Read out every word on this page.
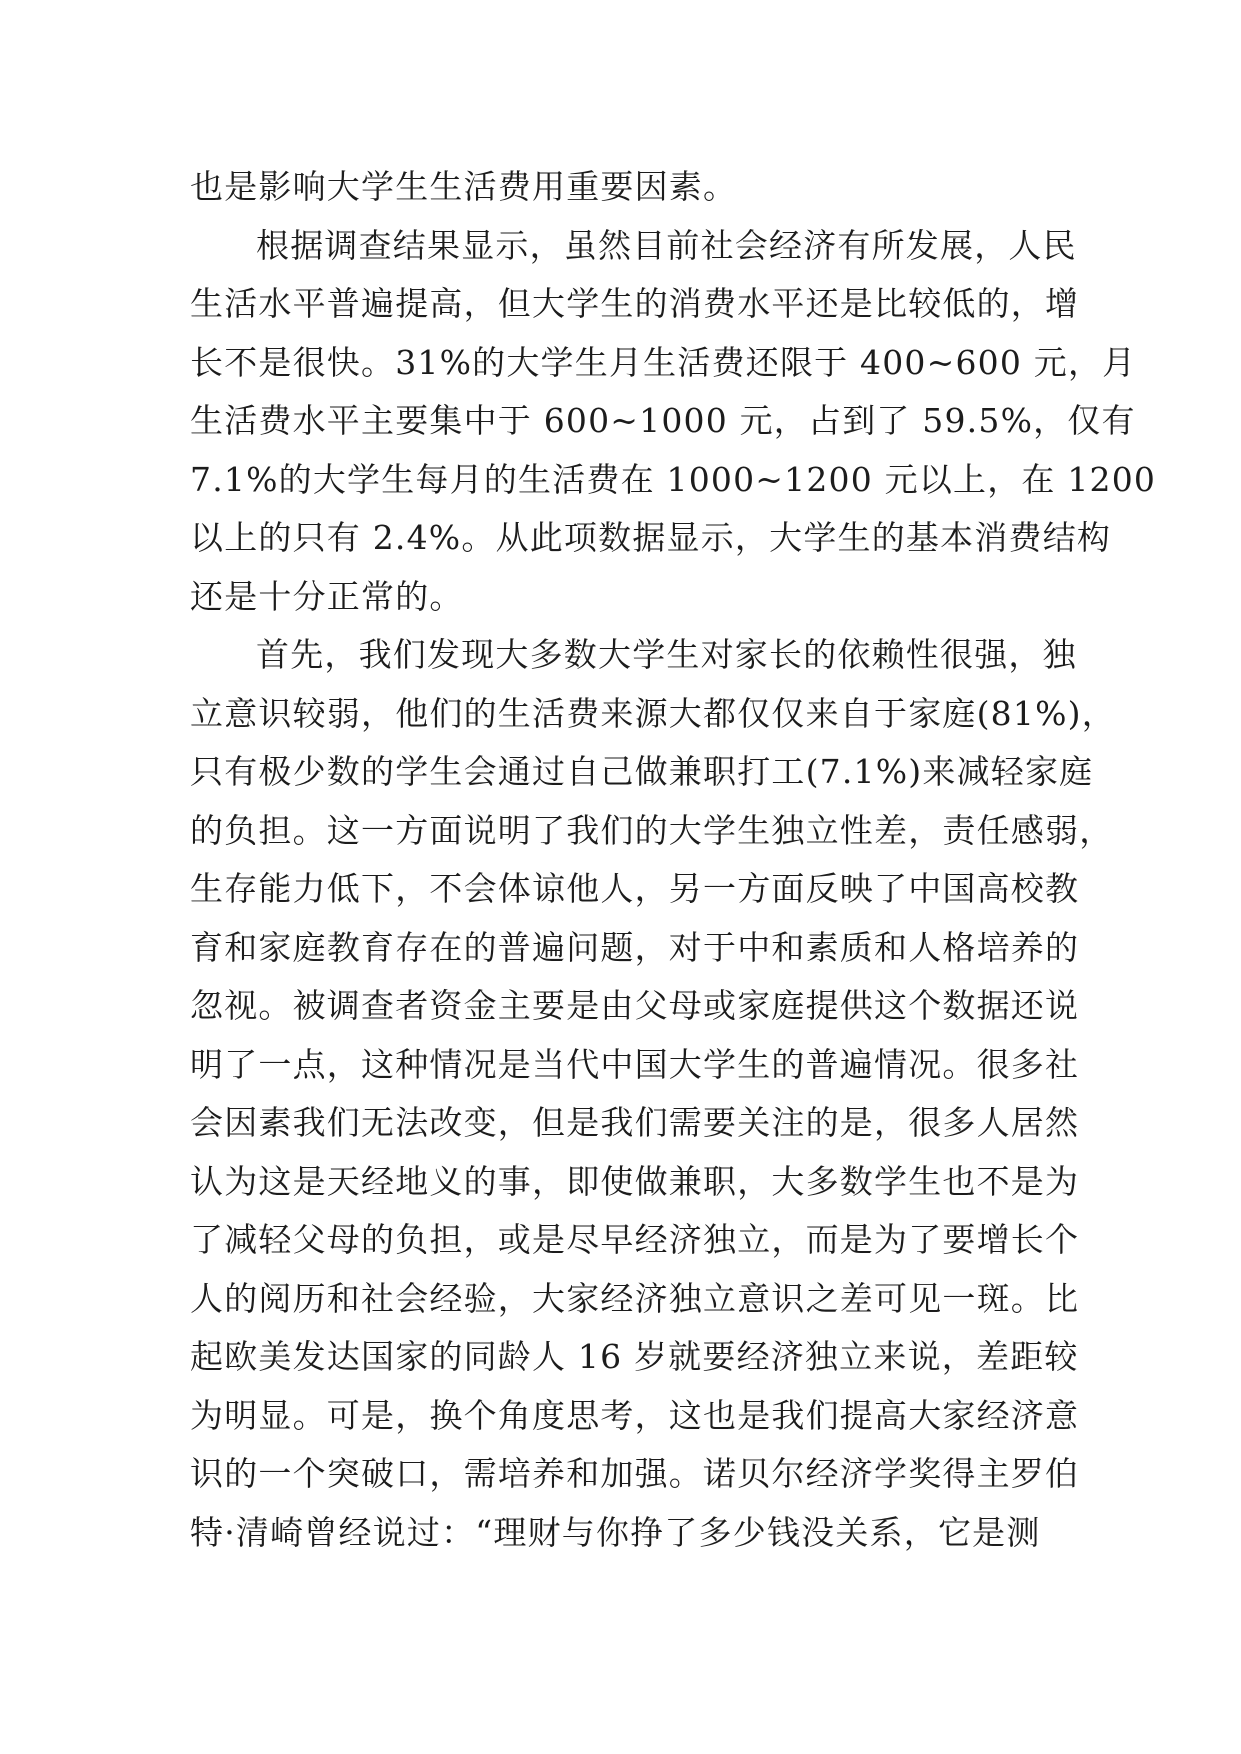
也是影响大学生生活费用重要因素。
根据调查结果显示，虽然目前社会经济有所发展，人民
生活水平普遍提高，但大学生的消费水平还是比较低的，增
长不是很快。31%的大学生月生活费还限于 400~600 元，月
生活费水平主要集中于 600~1000 元，占到了 59.5%，仅有
7.1%的大学生每月的生活费在 1000~1200 元以上，在 1200
以上的只有 2.4%。从此项数据显示，大学生的基本消费结构
还是十分正常的。
首先，我们发现大多数大学生对家长的依赖性很强，独
立意识较弱，他们的生活费来源大都仅仅来自于家庭(81%)，
只有极少数的学生会通过自己做兼职打工(7.1%)来减轻家庭
的负担。这一方面说明了我们的大学生独立性差，责任感弱，
生存能力低下，不会体谅他人，另一方面反映了中国高校教
育和家庭教育存在的普遍问题，对于中和素质和人格培养的
忽视。被调查者资金主要是由父母或家庭提供这个数据还说
明了一点，这种情况是当代中国大学生的普遍情况。很多社
会因素我们无法改变，但是我们需要关注的是，很多人居然
认为这是天经地义的事，即使做兼职，大多数学生也不是为
了减轻父母的负担，或是尽早经济独立，而是为了要增长个
人的阅历和社会经验，大家经济独立意识之差可见一斑。比
起欧美发达国家的同龄人 16 岁就要经济独立来说，差距较
为明显。可是，换个角度思考，这也是我们提高大家经济意
识的一个突破口，需培养和加强。诺贝尔经济学奖得主罗伯
特·清崎曾经说过：“理财与你挣了多少钱没关系，它是测
